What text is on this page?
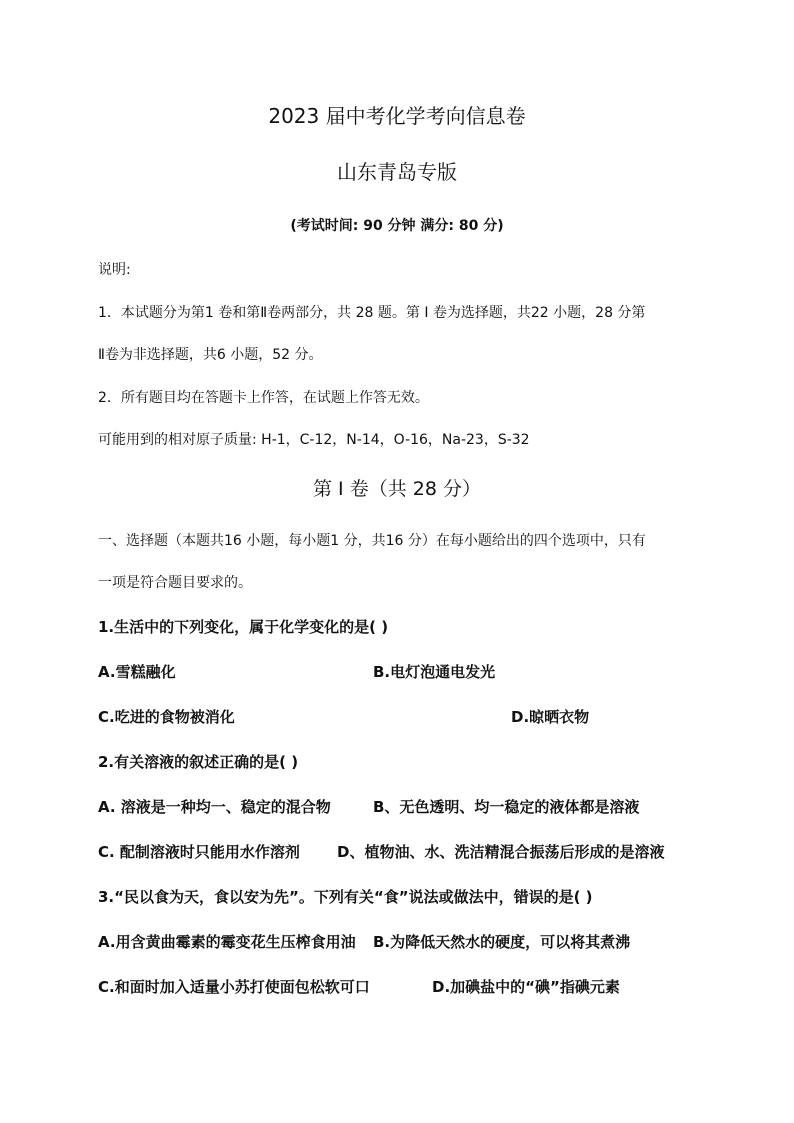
2023 届中考化学考向信息卷
山东青岛专版
(考试时间: 90 分钟 满分: 80 分)
说明:
1．本试题分为第1 卷和第Ⅱ卷两部分，共 28 题。第 I 卷为选择题，共22 小题，28 分第
Ⅱ卷为非选择题，共6 小题，52 分。
2．所有题目均在答题卡上作答，在试题上作答无效。
可能用到的相对原子质量: H-1，C-12，N-14，O-16，Na-23，S-32
第 I 卷（共 28 分）
一、选择题（本题共16 小题，每小题1 分，共16 分）在每小题给出的四个选项中，只有
一项是符合题目要求的。
1.生活中的下列变化，属于化学变化的是( )
A.雪糕融化	B.电灯泡通电发光
C.吃进的食物被消化	D.晾晒衣物
2.有关溶液的叙述正确的是( )
A. 溶液是一种均一、稳定的混合物	B、无色透明、均一稳定的液体都是溶液
C. 配制溶液时只能用水作溶剂 D、植物油、水、洗洁精混合振荡后形成的是溶液
3.“民以食为天，食以安为先”。下列有关“食”说法或做法中，错误的是( )
A.用含黄曲霉素的霉变花生压榨食用油 B.为降低天然水的硬度，可以将其煮沸
C.和面时加入适量小苏打使面包松软可口	D.加碘盐中的“碘”指碘元素
